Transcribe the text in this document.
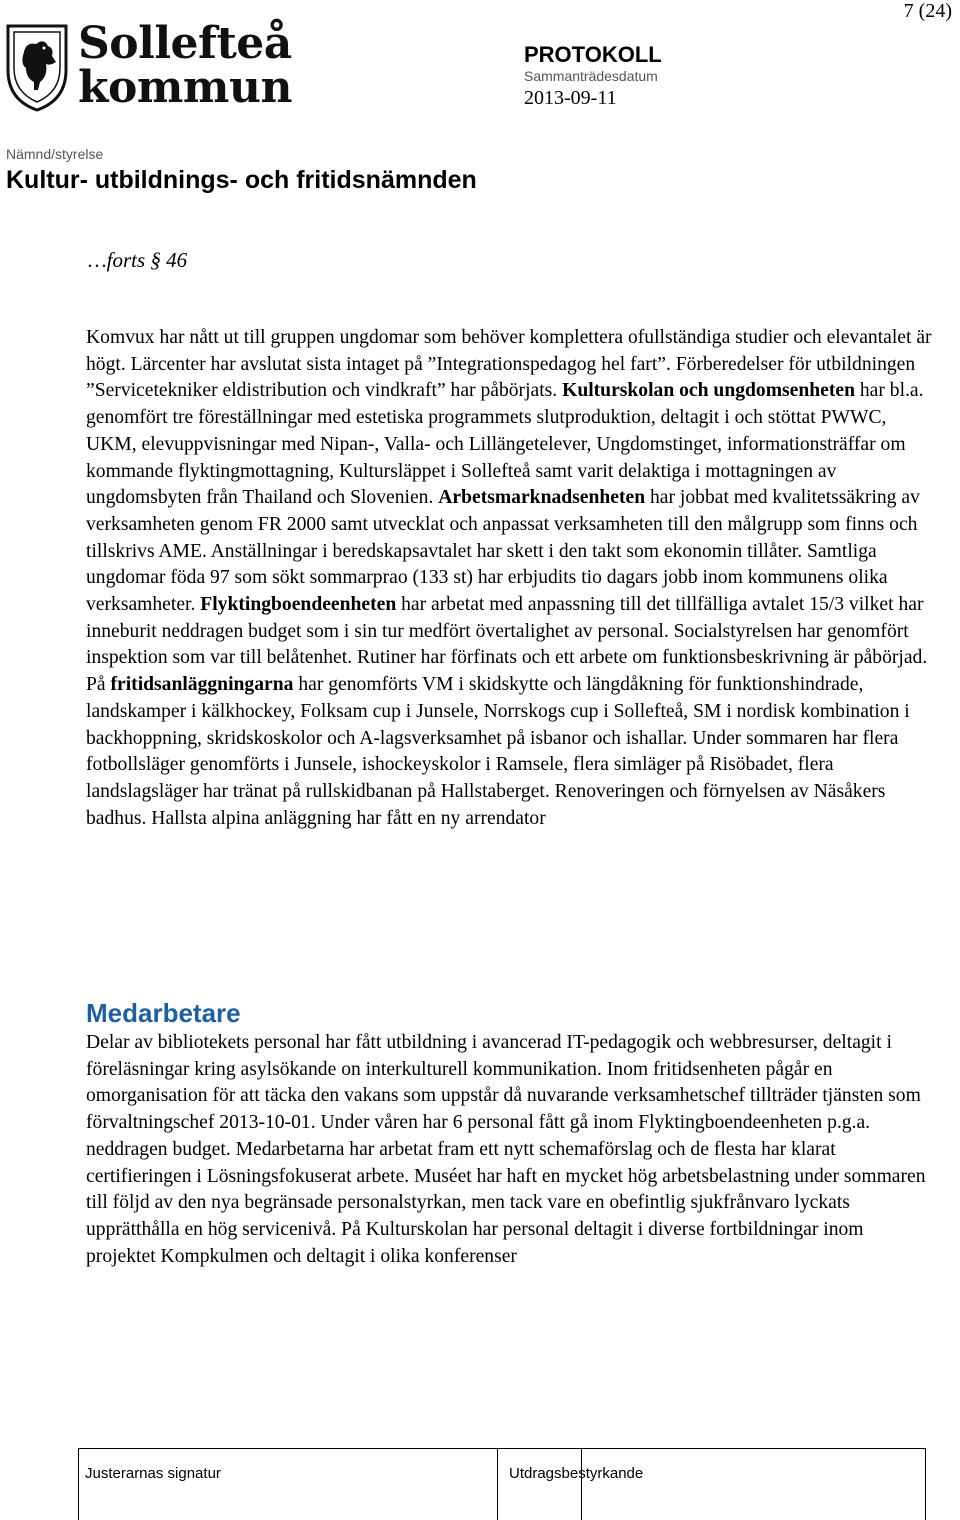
7 (24)
Sollefteå
kommun
PROTOKOLL
Sammanträdesdatum
2013-09-11
Nämnd/styrelse
Kultur- utbildnings- och fritidsnämnden
…forts § 46
Komvux har nått ut till gruppen ungdomar som behöver komplettera ofullständiga studier och elevantalet är högt. Lärcenter har avslutat sista intaget på ”Integrationspedagog hel fart”. Förberedelser för utbildningen ”Servicetekniker eldistribution och vindkraft” har påbörjats. Kulturskolan och ungdomsenheten har bl.a. genomfört tre föreställningar med estetiska programmets slutproduktion, deltagit i och stöttat PWWC, UKM, elevuppvisningar med Nipan-, Valla- och Lillängetelever, Ungdomstinget, informationsträffar om kommande flyktingmottagning, Kultursläppet i Sollefteå samt varit delaktiga i mottagningen av ungdomsbyten från Thailand och Slovenien. Arbetsmarknadsenheten har jobbat med kvalitetssäkring av verksamheten genom FR 2000 samt utvecklat och anpassat verksamheten till den målgrupp som finns och tillskrivs AME. Anställningar i beredskapsavtalet har skett i den takt som ekonomin tillåter. Samtliga ungdomar föda 97 som sökt sommarprao (133 st) har erbjudits tio dagars jobb inom kommunens olika verksamheter. Flyktingboendeenheten har arbetat med anpassning till det tillfälliga avtalet 15/3 vilket har inneburit neddragen budget som i sin tur medfört övertalighet av personal. Socialstyrelsen har genomfört inspektion som var till belåtenhet. Rutiner har förfinats och ett arbete om funktionsbeskrivning är påbörjad. På fritidsanläggningarna har genomförts VM i skidskytte och längdåkning för funktionshindrade, landskamper i kälkhockey, Folksam cup i Junsele, Norrskogs cup i Sollefteå, SM i nordisk kombination i backhoppning, skridskoskolor och A-lagsverksamhet på isbanor och ishallar. Under sommaren har flera fotbollsläger genomförts i Junsele, ishockeyskolor i Ramsele, flera simläger på Risöbadet, flera landslagsläger har tränat på rullskidbanan på Hallstaberget. Renoveringen och förnyelsen av Näsåkers badhus. Hallsta alpina anläggning har fått en ny arrendator
Medarbetare
Delar av bibliotekets personal har fått utbildning i avancerad IT-pedagogik och webbresurser, deltagit i föreläsningar kring asylsökande on interkulturell kommunikation. Inom fritidsenheten pågår en omorganisation för att täcka den vakans som uppstår då nuvarande verksamhetschef tillträder tjänsten som förvaltningschef 2013-10-01. Under våren har 6 personal fått gå inom Flyktingboendeenheten p.g.a. neddragen budget. Medarbetarna har arbetat fram ett nytt schemaförslag och de flesta har klarat certifieringen i Lösningsfokuserat arbete. Muséet har haft en mycket hög arbetsbelastning under sommaren till följd av den nya begränsade personalstyrkan, men tack vare en obefintlig sjukfrånvaro lyckats upprätthålla en hög servicenivå. På Kulturskolan har personal deltagit i diverse fortbildningar inom projektet Kompkulmen och deltagit i olika konferenser
Justerarnas signatur	Utdragsbestyrkande
